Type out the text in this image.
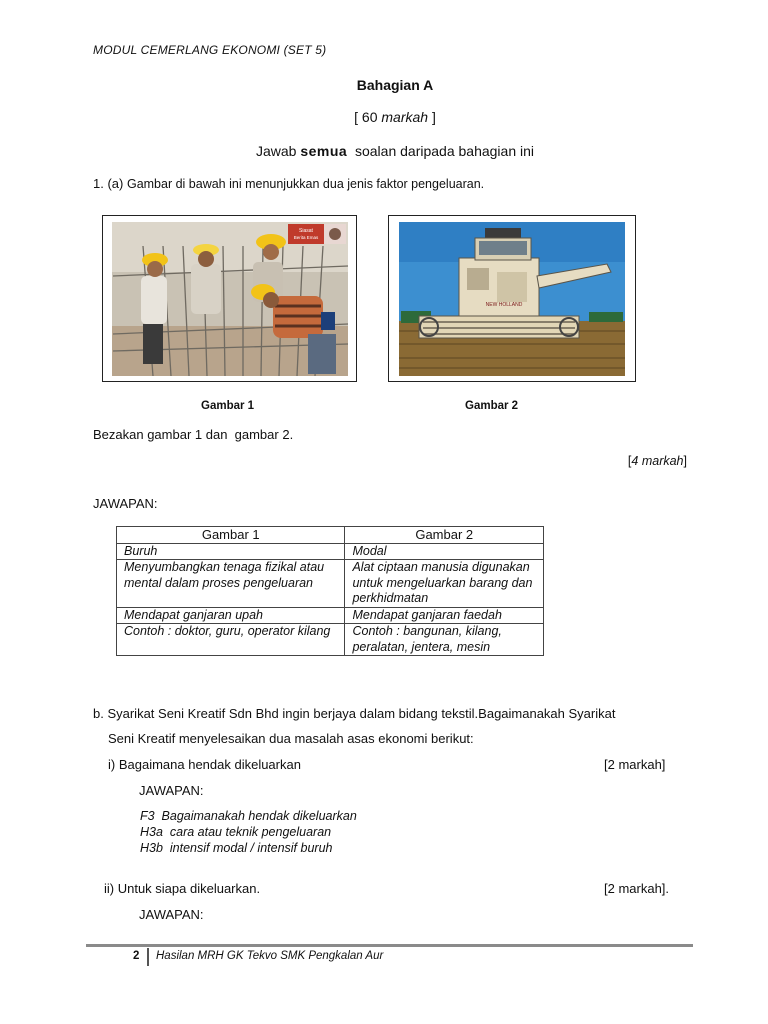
MODUL CEMERLANG EKONOMI (SET 5)
Bahagian A
[ 60 markah ]
Jawab semua  soalan daripada bahagian ini
1. (a) Gambar di bawah ini menunjukkan dua jenis faktor pengeluaran.
Siasat
Berita Emas
NEW HOLLAND
Gambar 1	Gambar 2
Bezakan gambar 1 dan  gambar 2.
[4 markah]
JAWAPAN:
Gambar 1	Gambar 2
Buruh	Modal
Menyumbangkan tenaga fizikal atau mental dalam proses pengeluaran	Alat ciptaan manusia digunakan untuk mengeluarkan barang dan perkhidmatan
Mendapat ganjaran upah	Mendapat ganjaran faedah
Contoh : doktor, guru, operator kilang	Contoh : bangunan, kilang, peralatan, jentera, mesin
b. Syarikat Seni Kreatif Sdn Bhd ingin berjaya dalam bidang tekstil.Bagaimanakah Syarikat
Seni Kreatif menyelesaikan dua masalah asas ekonomi berikut:
i) Bagaimana hendak dikeluarkan	[2 markah]
JAWAPAN:
F3  Bagaimanakah hendak dikeluarkan
H3a  cara atau teknik pengeluaran
H3b  intensif modal / intensif buruh
ii) Untuk siapa dikeluarkan.	[2 markah].
JAWAPAN:
2 Hasilan MRH GK Tekvo SMK Pengkalan Aur
